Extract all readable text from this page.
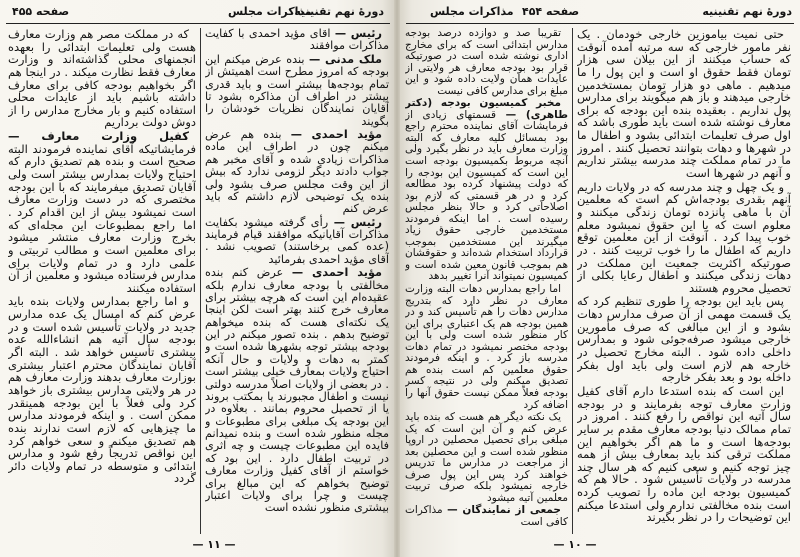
صفحه ۴۵۵	مذاکرات مجلس
دورهٔ نهم تقنینیه

رئیس — آقای مؤید احمدی با کفایت مذاکرات موافقند

ملک مدنی — بنده عرض میکنم این بودجه که امروز مطرح است اهمیتش از تمام بودجه‌ها بیشتر است و باید قدری بیشتر در اطراف آن مذاکره بشود تا آقایان نمایندگان نظریات خودشان را بگویند

مؤید احمدی — بنده هم عرض میکنم چون در اطراف این ماده مذاکرات زیادی شده و آقای مخبر هم جواب دادند دیگر لزومی ندارد که بیش از این وقت مجلس صرف بشود ولی بنده یک توضیحی لازم داشتم که باید عرض کنم

رئیس — رأی گرفته میشود بکفایت مذاکرات آقایانیکه موافقند قیام فرمایند (عده کمی برخاستند) تصویب نشد . آقای مؤید احمدی بفرمائید

مؤید احمدی — عرض کنم بنده مخالفتی با بودجه معارف ندارم بلکه عقیده‌ام این است که هرچه بیشتر برای معارف خرج کنند بهتر است لکن اینجا یک نکته‌ای هست که بنده میخواهم توضیح بدهم . بنده تصور میکنم در این بودجه بیشتر توجه بشهرها شده است و کمتر به دهات و ولایات و حال آنکه احتیاج ولایات بمعارف خیلی بیشتر است . در بعضی از ولایات اصلاً مدرسه دولتی نیست و اطفال مجبورند یا بمکتب بروند یا از تحصیل محروم بمانند . بعلاوه در این بودجه یک مبلغی برای مطبوعات و مجله منظور شده است و بنده نمیدانم فایده این مطبوعات چیست و چه اثری در تربیت اطفال دارد . این بود که خواستم از آقای کفیل وزارت معارف توضیح بخواهم که این مبالغ برای چیست و چرا برای ولایات اعتبار بیشتری منظور نشده است

که در مملکت مصر هم وزارت معارف هست ولی تعلیمات ابتدائی را بعهده انجمنهای محلی گذاشته‌اند و وزارت معارف فقط نظارت میکند . در اینجا هم اگر بخواهیم بودجه کافی برای معارف داشته باشیم باید از عایدات محلی استفاده کنیم و بار مخارج مدارس را از دوش دولت برداریم

کفیل وزارت معارف — فرمایشاتیکه آقای نماینده فرمودند البته صحیح است و بنده هم تصدیق دارم که احتیاج ولایات بمدارس بیشتر است ولی آقایان تصدیق میفرمایند که با این بودجه مختصری که در دست وزارت معارف است نمیشود بیش از این اقدام کرد . اما راجع بمطبوعات این مجله‌ای که بخرج وزارت معارف منتشر میشود برای معلمین است و مطالب تربیتی و علمی دارد و در تمام ولایات برای مدارس فرستاده میشود و معلمین از آن استفاده میکنند

و اما راجع بمدارس ولایات بنده باید عرض کنم که امسال یک عده مدارس جدید در ولایات تأسیس شده است و در بودجه سال آتیه هم انشاءالله عده بیشتری تأسیس خواهد شد . البته اگر آقایان نمایندگان محترم اعتبار بیشتری بوزارت معارف بدهند وزارت معارف هم در هر ولایتی مدارس بیشتری باز خواهد کرد ولی فعلاً با این بودجه همینقدر ممکن است . و اینکه فرمودند مدارس ما چیزهایی که لازم است ندارند بنده هم تصدیق میکنم و سعی خواهم کرد این نواقص تدریجاً رفع شود و مدارس ابتدائی و متوسطه در تمام ولایات دائر گردد

— ۱۱ —
مذاکرات مجلس صفحه ۴۵۴	دورهٔ نهم تقنینیه

حتی نمیت بیاموزین خارجی خودمان . یک نفر مامور خارجی که سه مرتبه آمده آنوقت که حساب میکنند از این بیلان سی هزار تومان فقط حقوق او است و این پول را ما میدهیم . ماهی دو هزار تومان بمستخدمین خارجی میدهند و باز هم میگویند برای مدارس پول نداریم . بعقیده بنده این بودجه که برای معارف نوشته شده است باید طوری باشد که اول صرف تعلیمات ابتدائی بشود و اطفال ما در شهرها و دهات بتوانند تحصیل کنند . امروز ما در تمام مملکت چند مدرسه بیشتر نداریم و آنهم در شهرها است

و یک چهل و چند مدرسه که در ولایات داریم آنهم بقدری بودجه‌اش کم است که معلمین آن با ماهی پانزده تومان زندگی میکنند و معلوم است که با این حقوق نمیشود معلم خوب پیدا کرد . آنوقت از این معلمین توقع داریم که اطفال ما را خوب تربیت کنند . در صورتیکه اکثریت جمعیت این مملکت در دهات زندگی میکنند و اطفال رعایا بکلی از تحصیل محروم هستند

پس باید این بودجه را طوری تنظیم کرد که یک قسمت مهمی از آن صرف مدارس دهات بشود و از این مبالغی که صرف مأمورین خارجی میشود صرفه‌جوئی شود و بمدارس داخلی داده شود . البته مخارج تحصیل در خارجه هم لازم است ولی باید اول بفکر داخله بود و بعد بفکر خارجه

این است که بنده استدعا دارم آقای کفیل وزارت معارف توجه بفرمایند و در بودجه سال آتیه این نواقص را رفع کنند . امروز در تمام ممالک دنیا بودجه معارف مقدم بر سایر بودجه‌ها است و ما هم اگر بخواهیم این مملکت ترقی کند باید بمعارف بیش از همه چیز توجه کنیم و سعی کنیم که هر سال چند مدرسه در ولایات تأسیس شود . حالا هم که کمیسیون بودجه این ماده را تصویب کرده است بنده مخالفتی ندارم ولی استدعا میکنم این توضیحات را در نظر بگیرند

تقریباً صد و دوازده درصد بودجه مدارس ابتدائی است که برای مخارج اداری نوشته شده است در صورتیکه قرار بود بودجه معارف هر ولایتی از عایدات همان ولایت داده شود و این مبلغ برای مدارس کافی نیست

مخبر کمیسیون بودجه (دکتر طاهری) — قسمتهای زیادی از فرمایشات آقای نماینده محترم راجع بود بمسائل کلیه معارف که البته وزارت معارف باید در نظر بگیرد ولی آنچه مربوط بکمیسیون بودجه است این است که کمیسیون این بودجه را که دولت پیشنهاد کرده بود مطالعه کرد و در هر قسمتی که لازم بود اصلاحاتی کرد و حالا بنظر مجلس رسیده است . اما اینکه فرمودند مستخدمین خارجی حقوق زیاد میگیرند این مستخدمین بموجب قرارداد استخدام شده‌اند و حقوقشان هم بموجب قانون معین شده است و کمیسیون نمیتواند آنرا تغییر بدهد

اما راجع بمدارس دهات البته وزارت معارف در نظر دارد که بتدریج مدارس دهات را هم تأسیس کند و در همین بودجه هم یک اعتباری برای این کار منظور شده است ولی با این بودجه مختصر نمیشود در تمام دهات مدرسه باز کرد . و اینکه فرمودند حقوق معلمین کم است بنده هم تصدیق میکنم ولی در نتیجه کسر بودجه فعلاً ممکن نیست حقوق آنها را اضافه کرد

یک نکته دیگر هم هست که بنده باید عرض کنم و آن این است که یک مبلغی برای تحصیل محصلین در اروپا منظور شده است و این محصلین بعد از مراجعت در مدارس ما تدریس خواهند کرد پس این پول صرف خارجه نمیشود بلکه صرف تربیت معلمین آتیه میشود

جمعی از نمایندگان — مذاکرات کافی است

— ۱۰ —
